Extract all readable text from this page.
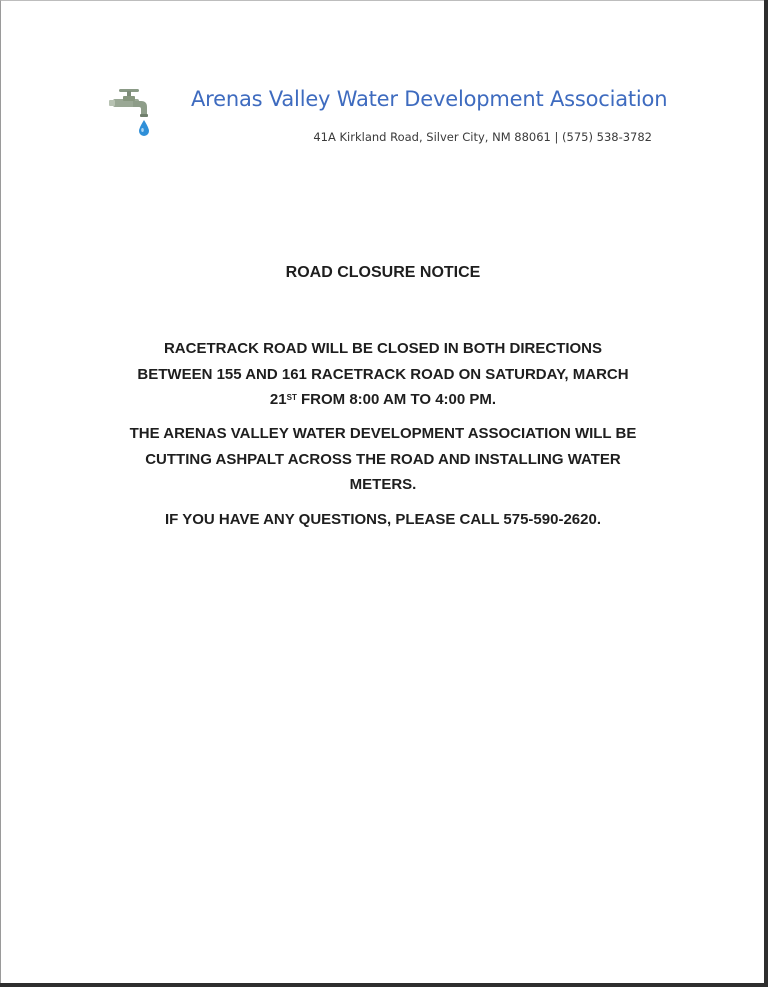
Arenas Valley Water Development Association
41A Kirkland Road, Silver City, NM 88061 | (575) 538-3782
ROAD CLOSURE NOTICE
RACETRACK ROAD WILL BE CLOSED IN BOTH DIRECTIONS
BETWEEN 155 AND 161 RACETRACK ROAD ON SATURDAY, MARCH
21ST FROM 8:00 AM TO 4:00 PM.
THE ARENAS VALLEY WATER DEVELOPMENT ASSOCIATION WILL BE
CUTTING ASHPALT ACROSS THE ROAD AND INSTALLING WATER
METERS.
IF YOU HAVE ANY QUESTIONS, PLEASE CALL 575-590-2620.
